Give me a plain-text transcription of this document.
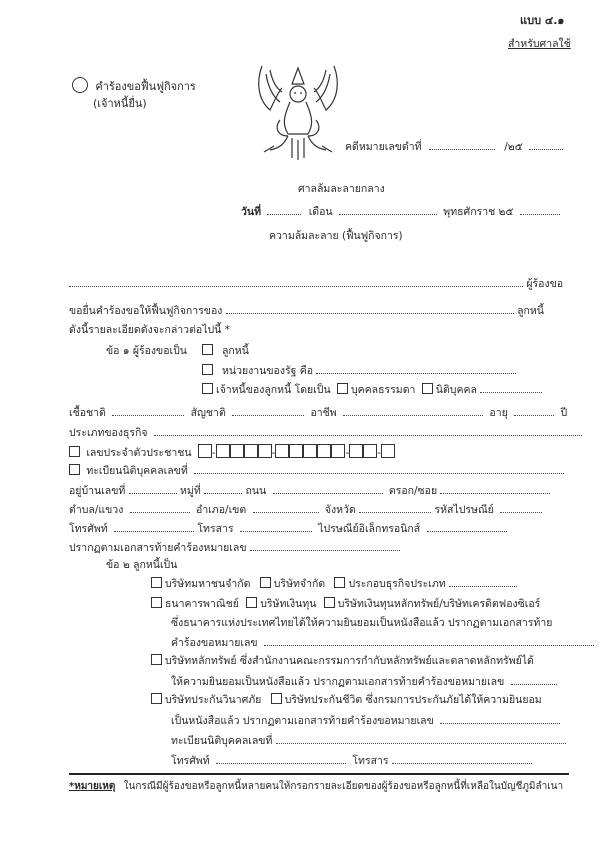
แบบ ๔.๑
สำหรับศาลใช้
คำร้องขอฟื้นฟูกิจการ
(เจ้าหนี้ยื่น)
คดีหมายเลขดำที่	/๒๕
ศาลล้มละลายกลาง
วันที่	เดือน	พุทธศักราช ๒๕
ความล้มละลาย (ฟื้นฟูกิจการ)
ผู้ร้องขอ
ขอยื่นคำร้องขอให้ฟื้นฟูกิจการของ	ลูกหนี้
ดังนี้รายละเอียดดังจะกล่าวต่อไปนี้ *
ข้อ ๑ ผู้ร้องขอเป็น	ลูกหนี้
หน่วยงานของรัฐ คือ
เจ้าหนี้ของลูกหนี้ โดยเป็น บุคคลธรรมดา นิติบุคคล
เชื้อชาติ	สัญชาติ	อาชีพ	อายุ	ปี
ประเภทของธุรกิจ
เลขประจำตัวประชาชน -	-	-	-
ทะเบียนนิติบุคคลเลขที่
อยู่บ้านเลขที่	หมู่ที่	ถนน	ตรอก/ซอย
ตำบล/แขวง	อำเภอ/เขต	จังหวัด	รหัสไปรษณีย์
โทรศัพท์	โทรสาร	ไปรษณีย์อิเล็กทรอนิกส์
ปรากฏตามเอกสารท้ายคำร้องหมายเลข
ข้อ ๒ ลูกหนี้เป็น
บริษัทมหาชนจำกัด บริษัทจำกัด ประกอบธุรกิจประเภท
ธนาคารพาณิชย์ บริษัทเงินทุน บริษัทเงินทุนหลักทรัพย์/บริษัทเครดิตฟองซิเอร์
ซึ่งธนาคารแห่งประเทศไทยได้ให้ความยินยอมเป็นหนังสือแล้ว ปรากฏตามเอกสารท้าย
คำร้องขอหมายเลข
บริษัทหลักทรัพย์ ซึ่งสำนักงานคณะกรรมการกำกับหลักทรัพย์และตลาดหลักทรัพย์ได้
ให้ความยินยอมเป็นหนังสือแล้ว ปรากฏตามเอกสารท้ายคำร้องขอหมายเลข
บริษัทประกันวินาศภัย บริษัทประกันชีวิต ซึ่งกรมการประกันภัยได้ให้ความยินยอม
เป็นหนังสือแล้ว ปรากฏตามเอกสารท้ายคำร้องขอหมายเลข
ทะเบียนนิติบุคคลเลขที่
โทรศัพท์	โทรสาร
*หมายเหตุ ในกรณีมีผู้ร้องขอหรือลูกหนี้หลายคนให้กรอกรายละเอียดของผู้ร้องขอหรือลูกหนี้ที่เหลือในบัญชีภูมิลำเนา
